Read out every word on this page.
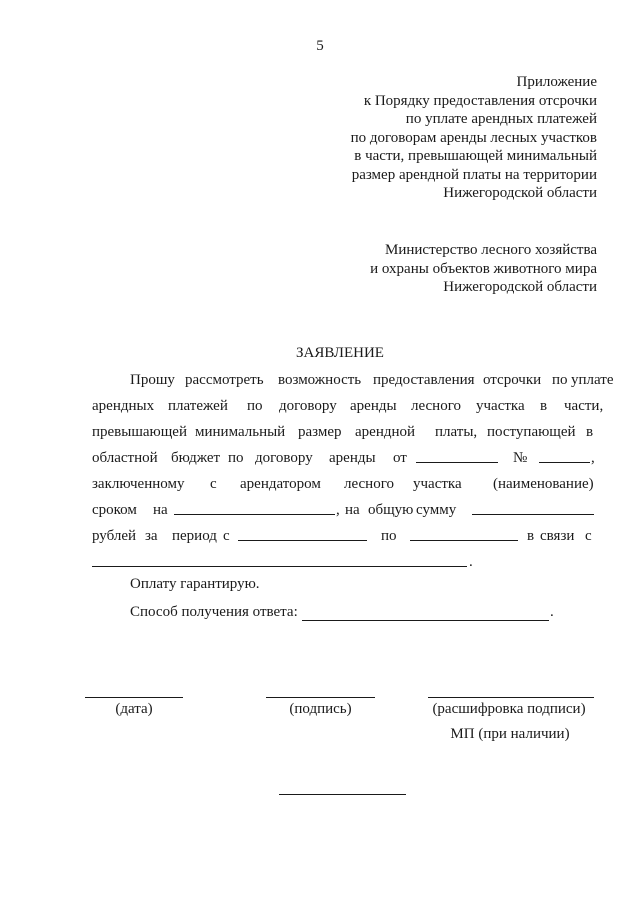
5
Приложение
к Порядку предоставления отсрочки
по уплате арендных платежей
по договорам аренды лесных участков
в части, превышающей минимальный
размер арендной платы на территории
Нижегородской области
Министерство лесного хозяйства
и охраны объектов животного мира
Нижегородской области
ЗАЯВЛЕНИЕ
Прошу рассмотреть возможность предоставления отсрочки по уплате
арендных платежей по договору аренды лесного участка в части,
превышающей минимальный размер арендной платы, поступающей в
областной бюджет по договору аренды от	№	,
заключенному с арендатором лесного участка (наименование)
сроком на	, на общую сумму
рублей за период с	по	в связи с
.
Оплату гарантирую.
Способ получения ответа:	.
(дата)	(подпись)	(расшифровка подписи)
МП (при наличии)
